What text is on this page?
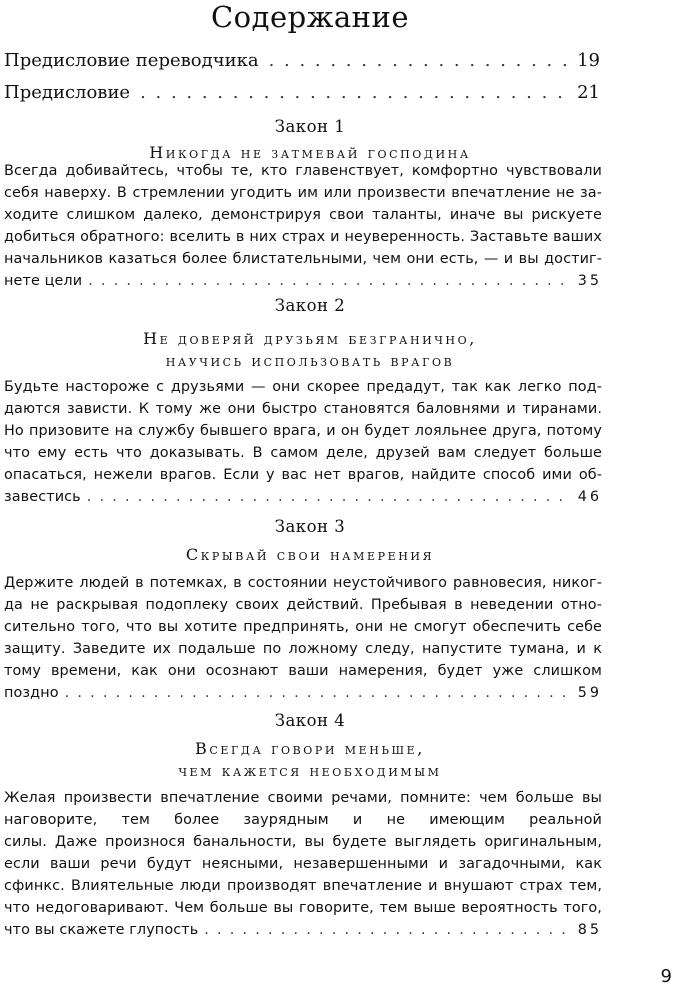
Содержание
Предисловие переводчика . . .	19
Предисловие . . .	21
Закон 1
Никогда не затмевай господина
Всегда добивайтесь, чтобы те, кто главенствует, комфортно чувствовали
себя наверху. В стремлении угодить им или произвести впечатление не за-
ходите слишком далеко, демонстрируя свои таланты, иначе вы рискуете
добиться обратного: вселить в них страх и неуверенность. Заставьте ваших
начальников казаться более блистательными, чем они есть, — и вы достиг-
нете цели . . .	35
Закон 2
Не доверяй друзьям безгранично,
научись использовать врагов
Будьте настороже с друзьями — они скорее предадут, так как легко под-
даются зависти. К тому же они быстро становятся баловнями и тиранами.
Но призовите на службу бывшего врага, и он будет лояльнее друга, потому
что ему есть что доказывать. В самом деле, друзей вам следует больше
опасаться, нежели врагов. Если у вас нет врагов, найдите способ ими об-
завестись . . .	46
Закон 3
Скрывай свои намерения
Держите людей в потемках, в состоянии неустойчивого равновесия, никог-
да не раскрывая подоплеку своих действий. Пребывая в неведении отно-
сительно того, что вы хотите предпринять, они не смогут обеспечить себе
защиту. Заведите их подальше по ложному следу, напустите тумана, и к
тому времени, как они осознают ваши намерения, будет уже слишком
поздно . . .	59
Закон 4
Всегда говори меньше,
чем кажется необходимым
Желая произвести впечатление своими речами, помните: чем больше вы
наговорите, тем более заурядным и не имеющим реальной
силы. Даже произнося банальности, вы будете выглядеть оригинальным,
если ваши речи будут неясными, незавершенными и загадочными, как
сфинкс. Влиятельные люди производят впечатление и внушают страх тем,
что недоговаривают. Чем больше вы говорите, тем выше вероятность того,
что вы скажете глупость . . .	85
9
